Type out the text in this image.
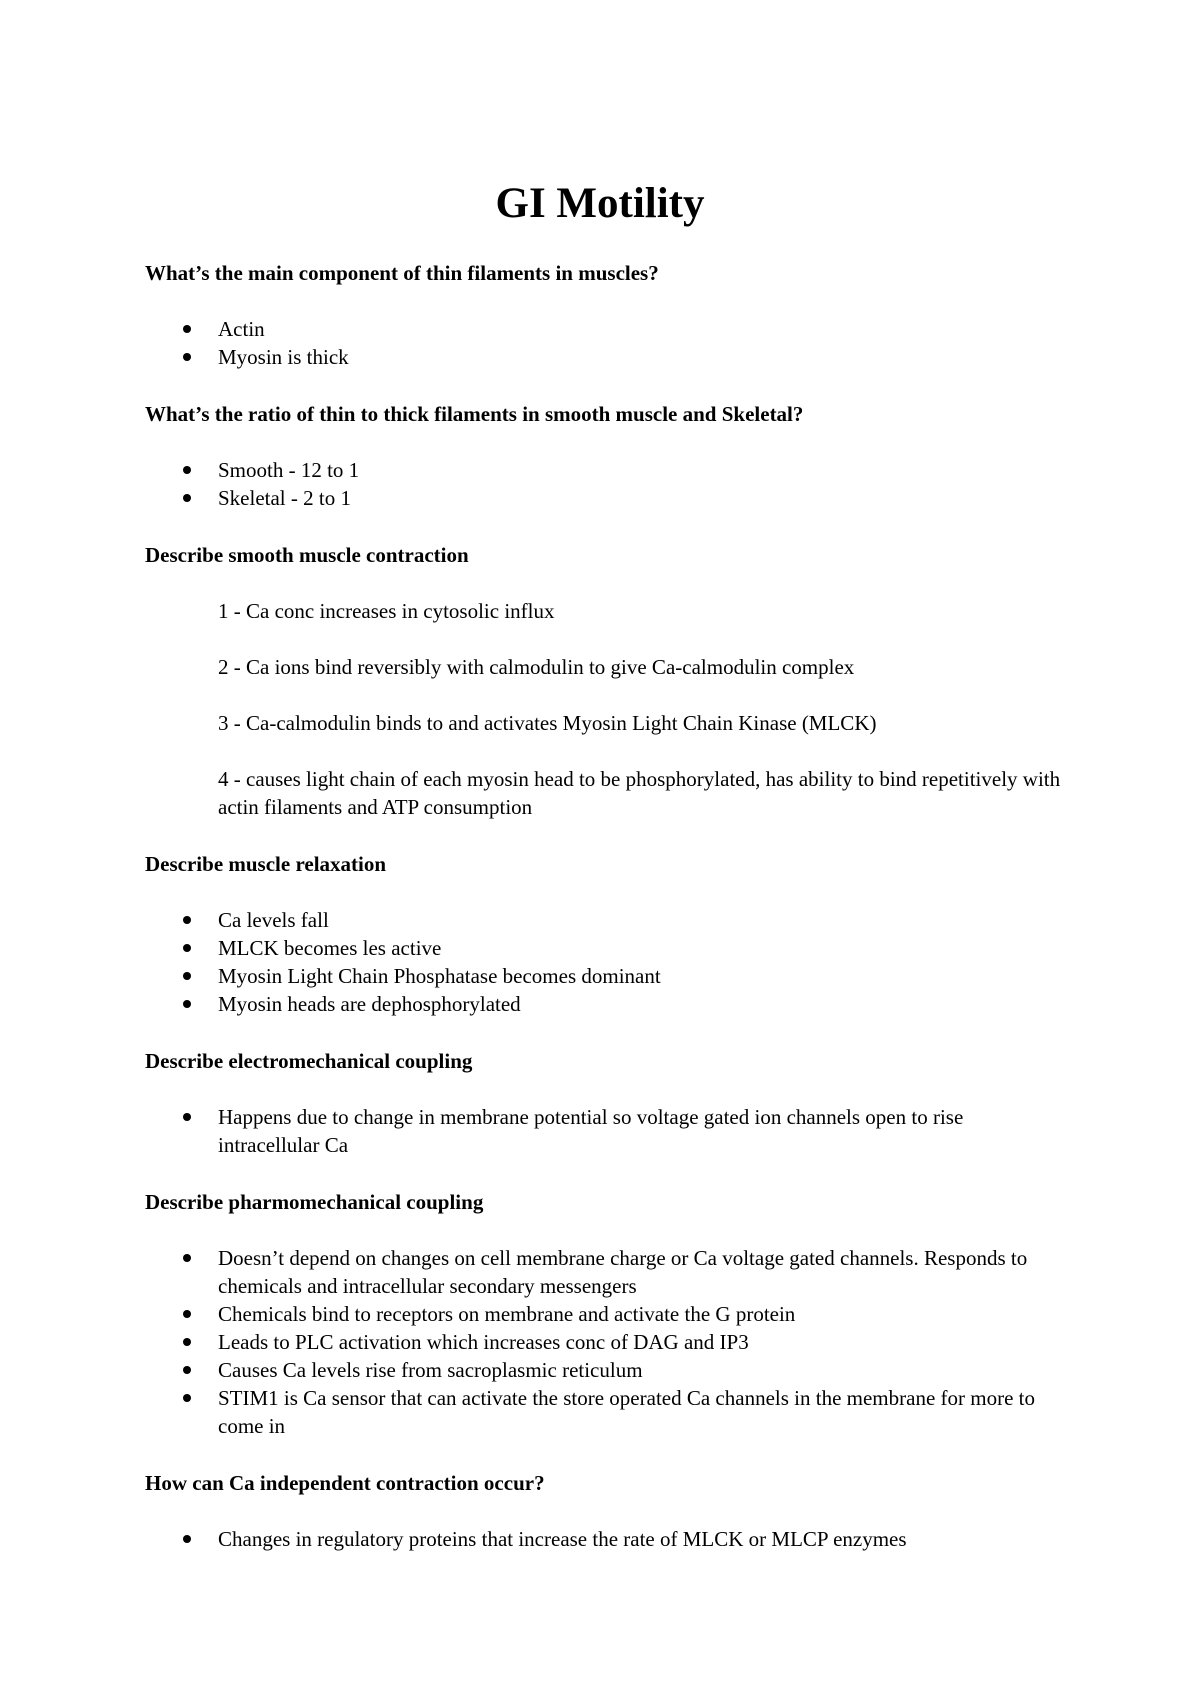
GI Motility

What’s the main component of thin filaments in muscles?

Actin
Myosin is thick

What’s the ratio of thin to thick filaments in smooth muscle and Skeletal?

Smooth - 12 to 1
Skeletal - 2 to 1

Describe smooth muscle contraction

1 - Ca conc increases in cytosolic influx

2 - Ca ions bind reversibly with calmodulin to give Ca-calmodulin complex

3 - Ca-calmodulin binds to and activates Myosin Light Chain Kinase (MLCK)

4 - causes light chain of each myosin head to be phosphorylated, has ability to bind repetitively with actin filaments and ATP consumption

Describe muscle relaxation

Ca levels fall
MLCK becomes les active
Myosin Light Chain Phosphatase becomes dominant
Myosin heads are dephosphorylated

Describe electromechanical coupling

Happens due to change in membrane potential so voltage gated ion channels open to rise intracellular Ca

Describe pharmomechanical coupling

Doesn’t depend on changes on cell membrane charge or Ca voltage gated channels. Responds to chemicals and intracellular secondary messengers
Chemicals bind to receptors on membrane and activate the G protein
Leads to PLC activation which increases conc of DAG and IP3
Causes Ca levels rise from sacroplasmic reticulum
STIM1 is Ca sensor that can activate the store operated Ca channels in the membrane for more to come in

How can Ca independent contraction occur?

Changes in regulatory proteins that increase the rate of MLCK or MLCP enzymes
